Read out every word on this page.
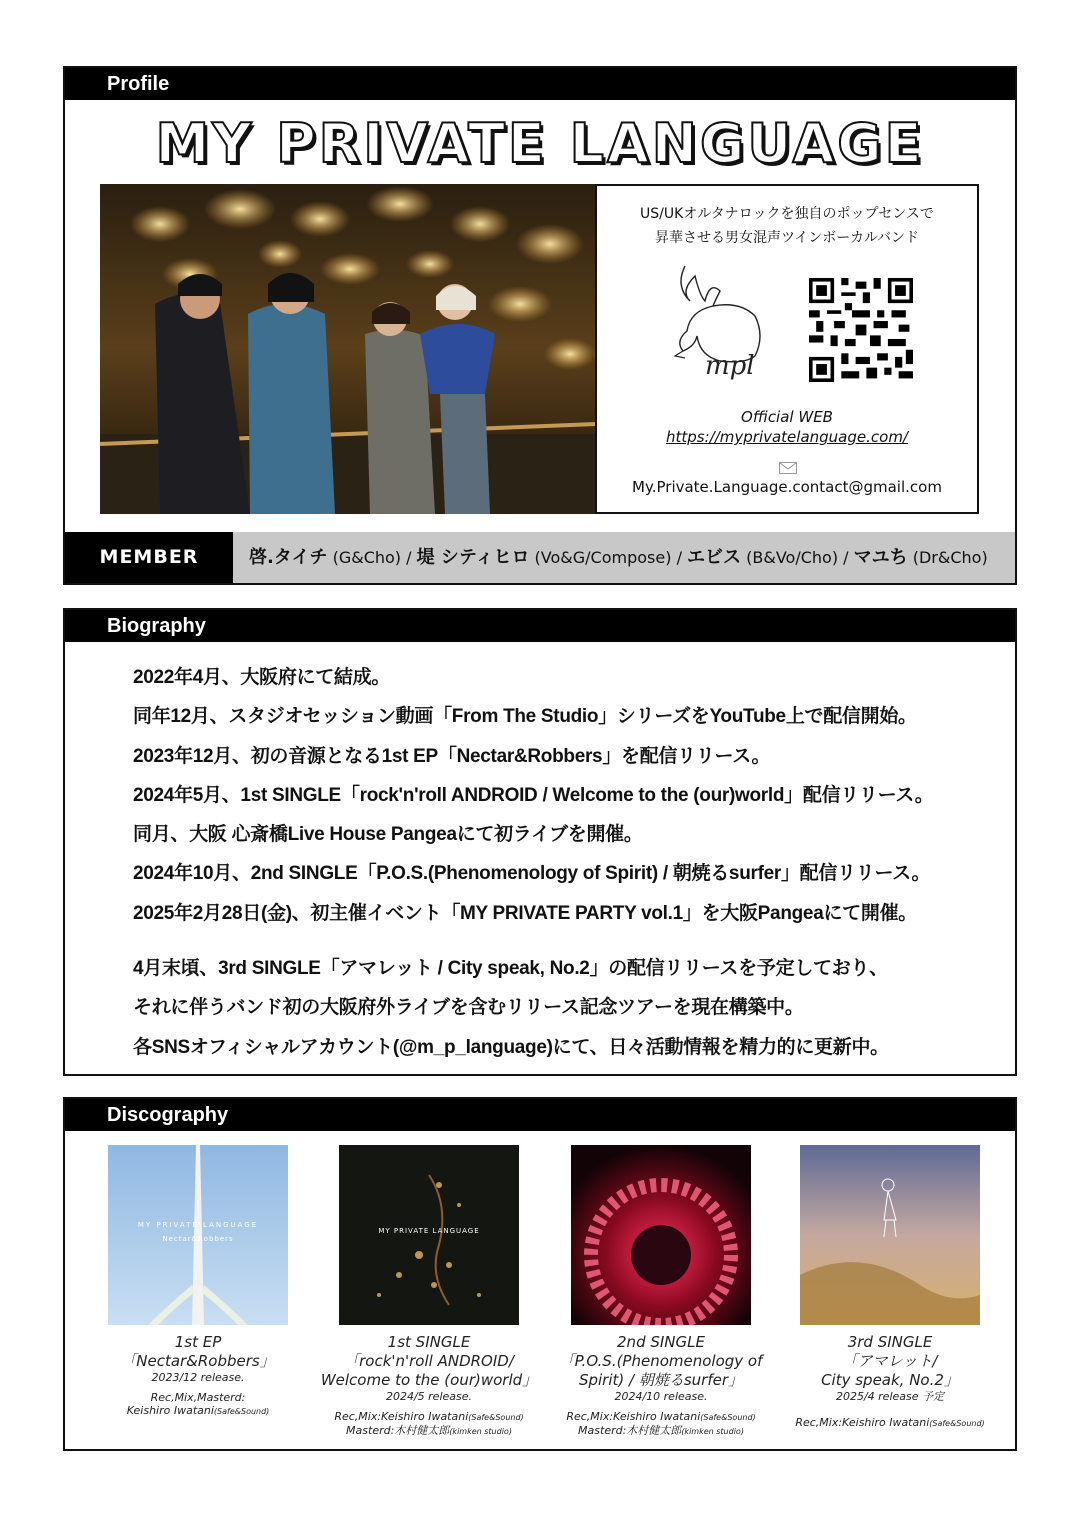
Profile
MY PRIVATE LANGUAGE
US/UKオルタナロックを独自のポップセンスで
昇華させる男女混声ツインボーカルバンド
mpl
Official WEB
https://myprivatelanguage.com/
My.Private.Language.contact@gmail.com
MEMBER	啓.タイチ (G&Cho) / 堤 シティヒロ (Vo&G/Compose) / エビス (B&Vo/Cho) / マユち (Dr&Cho)
Biography
2022年4月、大阪府にて結成。
同年12月、スタジオセッション動画「From The Studio」シリーズをYouTube上で配信開始。
2023年12月、初の音源となる1st EP「Nectar&Robbers」を配信リリース。
2024年5月、1st SINGLE「rock'n'roll ANDROID / Welcome to the (our)world」配信リリース。
同月、大阪 心斎橋Live House Pangeaにて初ライブを開催。
2024年10月、2nd SINGLE「P.O.S.(Phenomenology of Spirit) / 朝焼るsurfer」配信リリース。
2025年2月28日(金)、初主催イベント「MY PRIVATE PARTY vol.1」を大阪Pangeaにて開催。
4月末頃、3rd SINGLE「アマレット / City speak, No.2」の配信リリースを予定しており、
それに伴うバンド初の大阪府外ライブを含むリリース記念ツアーを現在構築中。
各SNSオフィシャルアカウント(@m_p_language)にて、日々活動情報を精力的に更新中。
Discography
MY PRIVATE LANGUAGE
Nectar&Robbers
1st EP
「Nectar&Robbers」
2023/12 release.
Rec,Mix,Masterd:
Keishiro Iwatani(Safe&Sound)
MY PRIVATE LANGUAGE
1st SINGLE
「rock'n'roll ANDROID/
Welcome to the (our)world」
2024/5 release.
Rec,Mix:Keishiro Iwatani(Safe&Sound)
Masterd:木村健太郎(kimken studio)
2nd SINGLE
「P.O.S.(Phenomenology of
Spirit) / 朝焼るsurfer」
2024/10 release.
Rec,Mix:Keishiro Iwatani(Safe&Sound)
Masterd:木村健太郎(kimken studio)
3rd SINGLE
「アマレット/
City speak, No.2」
2025/4 release 予定
Rec,Mix:Keishiro Iwatani(Safe&Sound)
